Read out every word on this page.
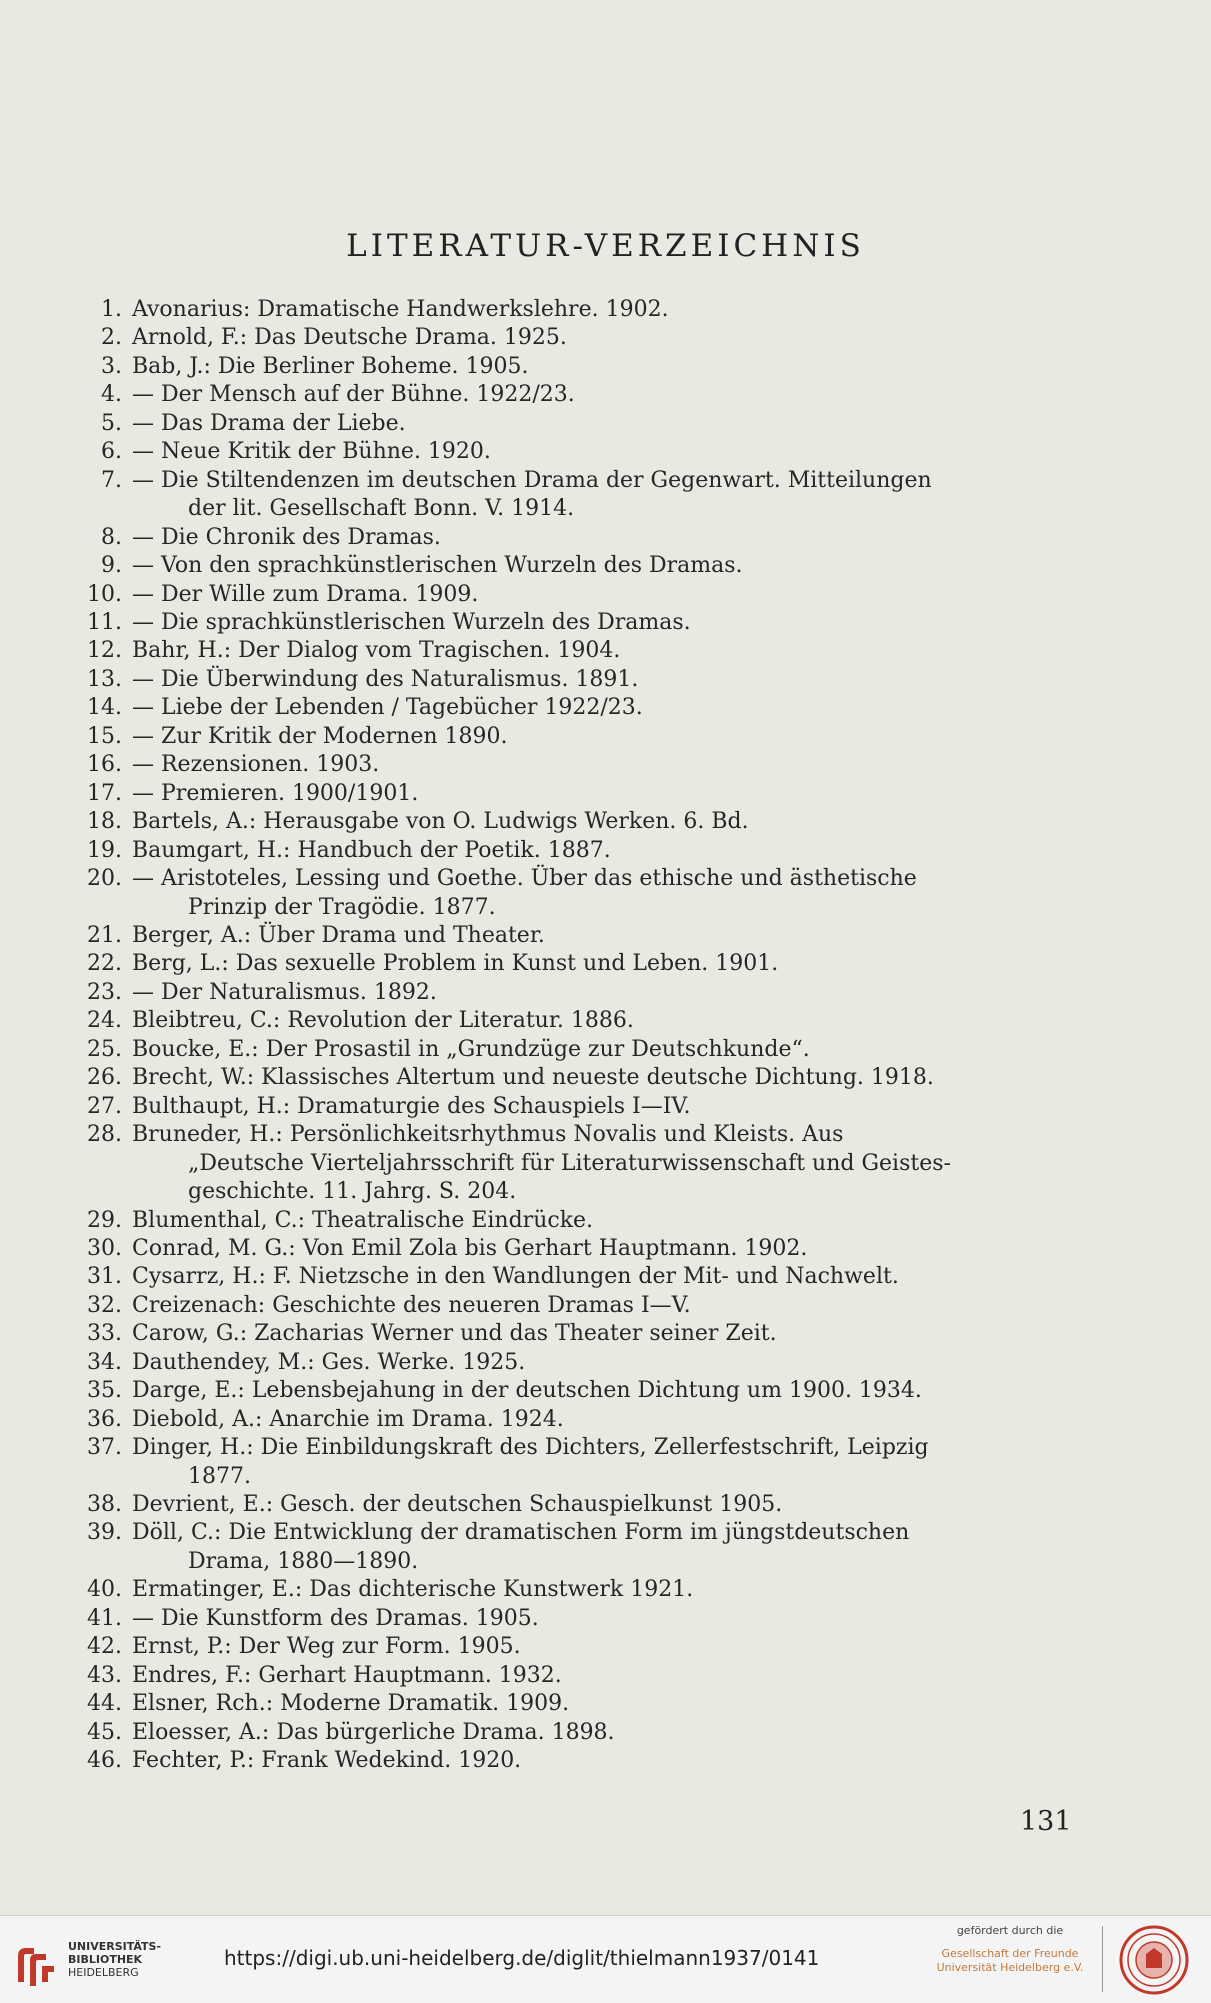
LITERATUR-VERZEICHNIS
1. Avonarius: Dramatische Handwerkslehre. 1902.
2. Arnold, F.: Das Deutsche Drama. 1925.
3. Bab, J.: Die Berliner Boheme. 1905.
4. — Der Mensch auf der Bühne. 1922/23.
5. — Das Drama der Liebe.
6. — Neue Kritik der Bühne. 1920.
7. — Die Stiltendenzen im deutschen Drama der Gegenwart. Mitteilungen
der lit. Gesellschaft Bonn. V. 1914.
8. — Die Chronik des Dramas.
9. — Von den sprachkünstlerischen Wurzeln des Dramas.
10. — Der Wille zum Drama. 1909.
11. — Die sprachkünstlerischen Wurzeln des Dramas.
12. Bahr, H.: Der Dialog vom Tragischen. 1904.
13. — Die Überwindung des Naturalismus. 1891.
14. — Liebe der Lebenden / Tagebücher 1922/23.
15. — Zur Kritik der Modernen 1890.
16. — Rezensionen. 1903.
17. — Premieren. 1900/1901.
18. Bartels, A.: Herausgabe von O. Ludwigs Werken. 6. Bd.
19. Baumgart, H.: Handbuch der Poetik. 1887.
20. — Aristoteles, Lessing und Goethe. Über das ethische und ästhetische
Prinzip der Tragödie. 1877.
21. Berger, A.: Über Drama und Theater.
22. Berg, L.: Das sexuelle Problem in Kunst und Leben. 1901.
23. — Der Naturalismus. 1892.
24. Bleibtreu, C.: Revolution der Literatur. 1886.
25. Boucke, E.: Der Prosastil in „Grundzüge zur Deutschkunde“.
26. Brecht, W.: Klassisches Altertum und neueste deutsche Dichtung. 1918.
27. Bulthaupt, H.: Dramaturgie des Schauspiels I—IV.
28. Bruneder, H.: Persönlichkeitsrhythmus Novalis und Kleists. Aus
„Deutsche Vierteljahrsschrift für Literaturwissenschaft und Geistes-
geschichte. 11. Jahrg. S. 204.
29. Blumenthal, C.: Theatralische Eindrücke.
30. Conrad, M. G.: Von Emil Zola bis Gerhart Hauptmann. 1902.
31. Cysarrz, H.: F. Nietzsche in den Wandlungen der Mit- und Nachwelt.
32. Creizenach: Geschichte des neueren Dramas I—V.
33. Carow, G.: Zacharias Werner und das Theater seiner Zeit.
34. Dauthendey, M.: Ges. Werke. 1925.
35. Darge, E.: Lebensbejahung in der deutschen Dichtung um 1900. 1934.
36. Diebold, A.: Anarchie im Drama. 1924.
37. Dinger, H.: Die Einbildungskraft des Dichters, Zellerfestschrift, Leipzig
1877.
38. Devrient, E.: Gesch. der deutschen Schauspielkunst 1905.
39. Döll, C.: Die Entwicklung der dramatischen Form im jüngstdeutschen
Drama, 1880—1890.
40. Ermatinger, E.: Das dichterische Kunstwerk 1921.
41. — Die Kunstform des Dramas. 1905.
42. Ernst, P.: Der Weg zur Form. 1905.
43. Endres, F.: Gerhart Hauptmann. 1932.
44. Elsner, Rch.: Moderne Dramatik. 1909.
45. Eloesser, A.: Das bürgerliche Drama. 1898.
46. Fechter, P.: Frank Wedekind. 1920.
131
UNIVERSITÄTS-
BIBLIOTHEK
HEIDELBERG
https://digi.ub.uni-heidelberg.de/diglit/thielmann1937/0141
gefördert durch die
Gesellschaft der Freunde
Universität Heidelberg e.V.
